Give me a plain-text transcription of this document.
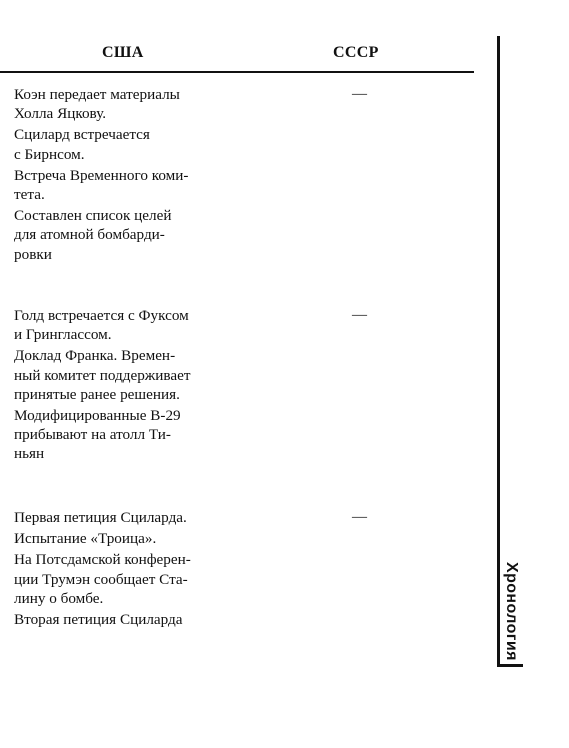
США	СССР

Коэн передает материалы
Холла Яцкову.

Сцилард встречается
с Бирнсом.

Встреча Временного коми-
тета.

Составлен список целей
для атомной бомбарди-
ровки

—

Голд встречается с Фуксом
и Гринглассом.

Доклад Франка. Времен-
ный комитет поддерживает
принятые ранее решения.

Модифицированные В-29
прибывают на атолл Ти-
ньян

—

Первая петиция Сциларда.

Испытание «Троица».

На Потсдамской конферен-
ции Трумэн сообщает Ста-
лину о бомбе.

Вторая петиция Сциларда

—
Хронология
